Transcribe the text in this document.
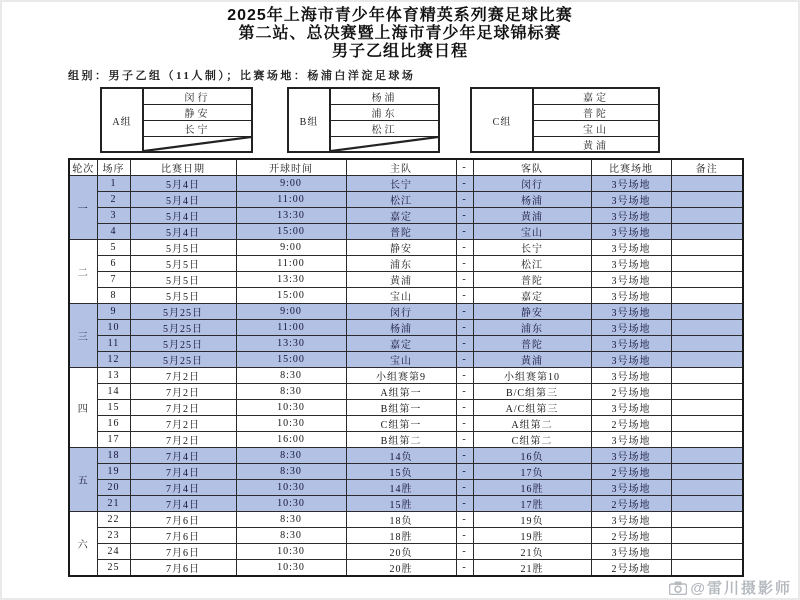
2025年上海市青少年体育精英系列赛足球比赛
第二站、总决赛暨上海市青少年足球锦标赛
男子乙组比赛日程
组别：男子乙组（11人制）；比赛场地：杨浦白洋淀足球场
A组
闵行
静安
长宁
B组
杨浦
浦东
松江
C组
嘉定
普陀
宝山
黄浦
轮次	场序	比赛日期	开球时间	主队	-	客队	比赛场地	备注
一	1	5月4日	9:00	长宁	-	闵行	3号场地	
	2	5月4日	11:00	松江	-	杨浦	3号场地	
	3	5月4日	13:30	嘉定	-	黄浦	3号场地	
	4	5月4日	15:00	普陀	-	宝山	3号场地	
二	5	5月5日	9:00	静安	-	长宁	3号场地	
	6	5月5日	11:00	浦东	-	松江	3号场地	
	7	5月5日	13:30	黄浦	-	普陀	3号场地	
	8	5月5日	15:00	宝山	-	嘉定	3号场地	
三	9	5月25日	9:00	闵行	-	静安	3号场地	
	10	5月25日	11:00	杨浦	-	浦东	3号场地	
	11	5月25日	13:30	嘉定	-	普陀	3号场地	
	12	5月25日	15:00	宝山	-	黄浦	3号场地	
四	13	7月2日	8:30	小组赛第9	-	小组赛第10	3号场地	
	14	7月2日	8:30	A组第一	-	B/C组第三	2号场地	
	15	7月2日	10:30	B组第一	-	A/C组第三	3号场地	
	16	7月2日	10:30	C组第一	-	A组第二	2号场地	
	17	7月2日	16:00	B组第二	-	C组第二	3号场地	
五	18	7月4日	8:30	14负	-	16负	3号场地	
	19	7月4日	8:30	15负	-	17负	2号场地	
	20	7月4日	10:30	14胜	-	16胜	3号场地	
	21	7月4日	10:30	15胜	-	17胜	2号场地	
六	22	7月6日	8:30	18负	-	19负	3号场地	
	23	7月6日	8:30	18胜	-	19胜	2号场地	
	24	7月6日	10:30	20负	-	21负	3号场地	
	25	7月6日	10:30	20胜	-	21胜	2号场地	
@雷川摄影师
